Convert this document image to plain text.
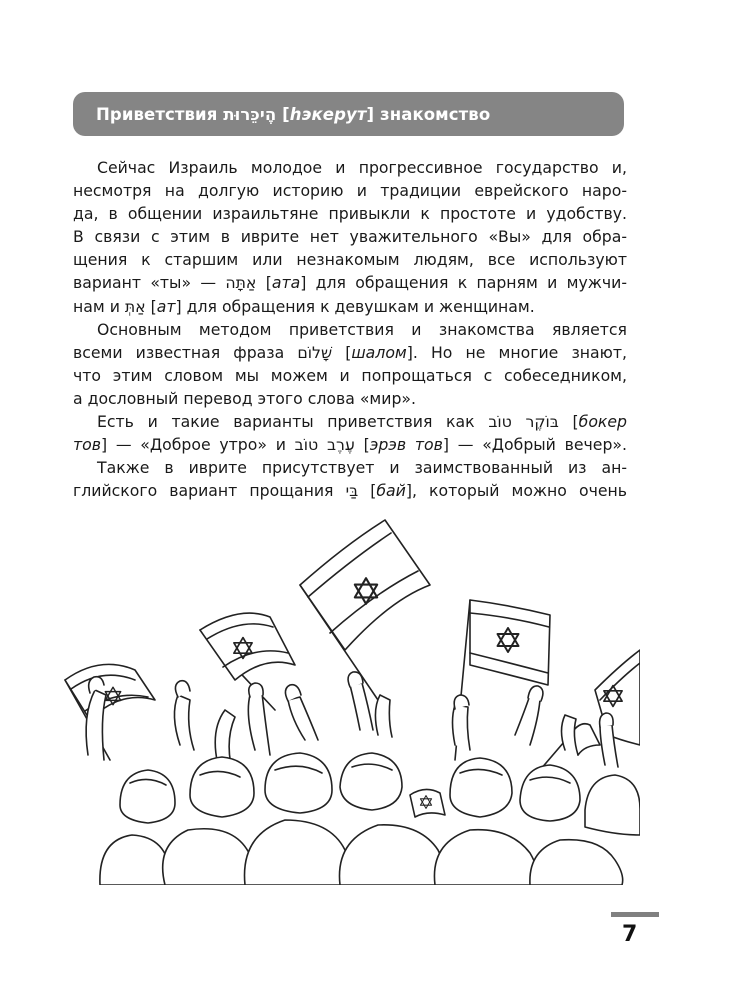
Приветствия הֶיכֵּרוּת [hэкерут] знакомство
Сейчас Израиль молодое и прогрессивное государство и,
несмотря на долгую историю и традиции еврейского наро-
да, в общении израильтяне привыкли к простоте и удобству.
В связи с этим в иврите нет уважительного «Вы» для обра-
щения к старшим или незнакомым людям, все используют
вариант «ты» — אַתָּה [ата] для обращения к парням и мужчи-
нам и אַתְּ [ат] для обращения к девушкам и женщинам.
Основным методом приветствия и знакомства является
всеми известная фраза שָׁלוֹם [шалом]. Но не многие знают,
что этим словом мы можем и попрощаться с собеседником,
а дословный перевод этого слова «мир».
Есть и такие варианты приветствия как בּוֹקֶר טוֹב [бокер
тов] — «Доброе утро» и עֶרֶב טוֹב [эрэв тов] — «Добрый вечер».
Также в иврите присутствует и заимствованный из ан-
глийского вариант прощания בַּי [бай], который можно очень
7
